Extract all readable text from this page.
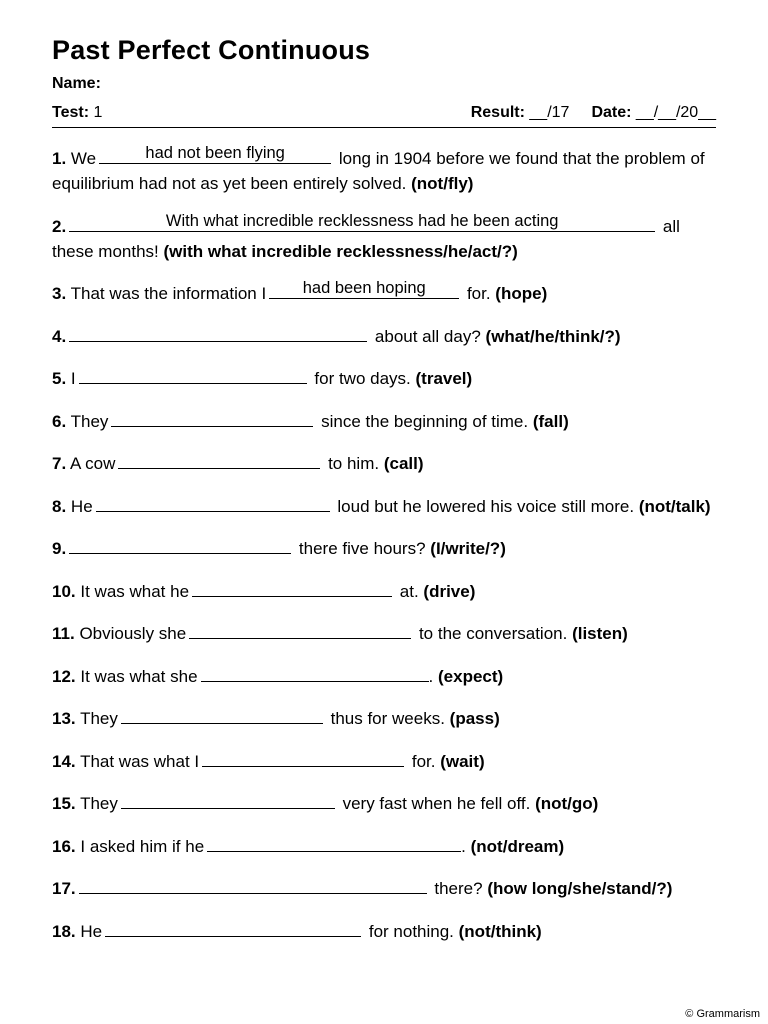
Past Perfect Continuous
Name:
Test: 1	Result: __/17 Date: __/__/20__
1. We	had not been flying	long in 1904 before we found that the problem of equilibrium had not as yet been entirely solved. (not/fly)
2.	With what incredible recklessness had he been acting	all these months! (with what incredible recklessness/he/act/?)
3. That was the information I	had been hoping	for. (hope)
4.	about all day? (what/he/think/?)
5. I	for two days. (travel)
6. They	since the beginning of time. (fall)
7. A cow	to him. (call)
8. He	loud but he lowered his voice still more. (not/talk)
9.	there five hours? (I/write/?)
10. It was what he	at. (drive)
11. Obviously she	to the conversation. (listen)
12. It was what she	. (expect)
13. They	thus for weeks. (pass)
14. That was what I	for. (wait)
15. They	very fast when he fell off. (not/go)
16. I asked him if he	. (not/dream)
17.	there? (how long/she/stand/?)
18. He	for nothing. (not/think)
© Grammarism
